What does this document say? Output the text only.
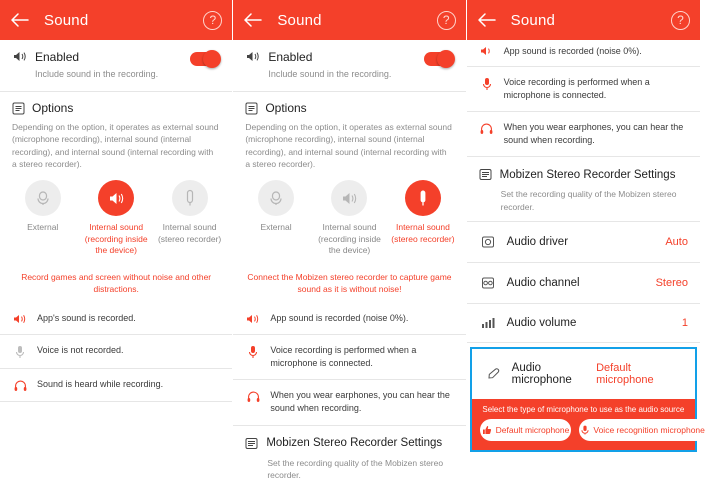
Sound	?
Enabled
Include sound in the recording.
Options
Depending on the option, it operates as external sound (microphone recording), internal sound (internal recording), and internal sound (internal recording with a stereo recorder).
External	Internal sound
(recording inside the device)
Internal sound
(stereo recorder)
Record games and screen without noise and other distractions.
App's sound is recorded.
Voice is not recorded.
Sound is heard while recording.
Sound	?
Enabled
Include sound in the recording.
Options
Depending on the option, it operates as external sound (microphone recording), internal sound (internal recording), and internal sound (internal recording with a stereo recorder).
External	Internal sound
(recording inside the device)
Internal sound
(stereo recorder)
Connect the Mobizen stereo recorder to capture game sound as it is without noise!
App sound is recorded (noise 0%).
Voice recording is performed when a microphone is connected.
When you wear earphones, you can hear the sound when recording.
Mobizen Stereo Recorder Settings
Set the recording quality of the Mobizen stereo recorder.
Sound	?
App sound is recorded (noise 0%).
Voice recording is performed when a microphone is connected.
When you wear earphones, you can hear the sound when recording.
Mobizen Stereo Recorder Settings
Set the recording quality of the Mobizen stereo recorder.
Audio driver	Auto
Audio channel	Stereo
Audio volume	1
Audio microphone
Default microphone
Select the type of microphone to use as the audio source
Default microphone	Voice recognition microphone
